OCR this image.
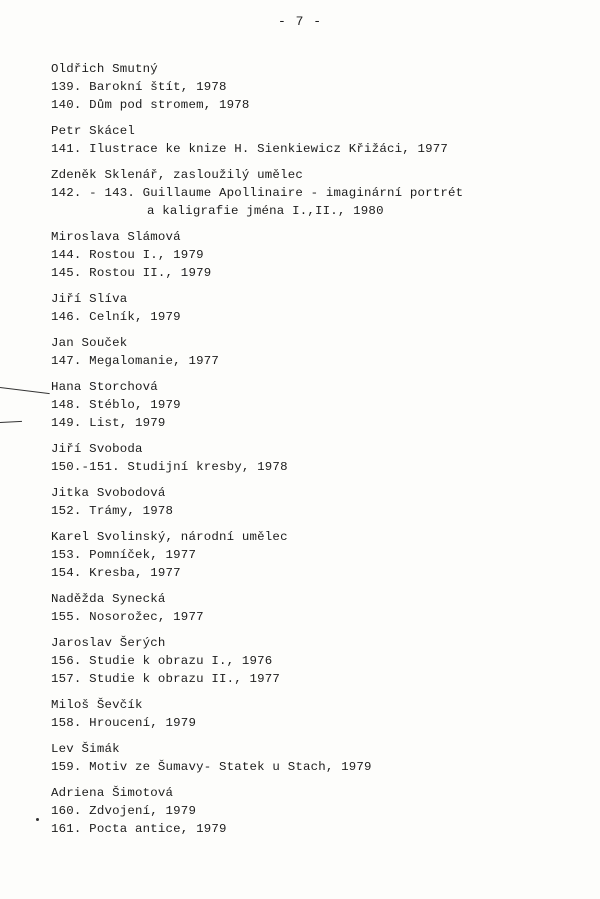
- 7 -
Oldřich Smutný
139. Barokní štít, 1978
140. Dům pod stromem, 1978
Petr Skácel
141. Ilustrace ke knize H. Sienkiewicz Křižáci, 1977
Zdeněk Sklenář, zasloužilý umělec
142. - 143. Guillaume Apollinaire - imaginární portrét
a kaligrafie jména I.,II., 1980
Miroslava Slámová
144. Rostou I., 1979
145. Rostou II., 1979
Jiří Slíva
146. Celník, 1979
Jan Souček
147. Megalomanie, 1977
Hana Storchová
148. Stéblo, 1979
149. List, 1979
Jiří Svoboda
150.-151. Studijní kresby, 1978
Jitka Svobodová
152. Trámy, 1978
Karel Svolinský, národní umělec
153. Pomníček, 1977
154. Kresba, 1977
Naděžda Synecká
155. Nosorožec, 1977
Jaroslav Šerých
156. Studie k obrazu I., 1976
157. Studie k obrazu II., 1977
Miloš Ševčík
158. Hroucení, 1979
Lev Šimák
159. Motiv ze Šumavy- Statek u Stach, 1979
Adriena Šimotová
160. Zdvojení, 1979
161. Pocta antice, 1979
